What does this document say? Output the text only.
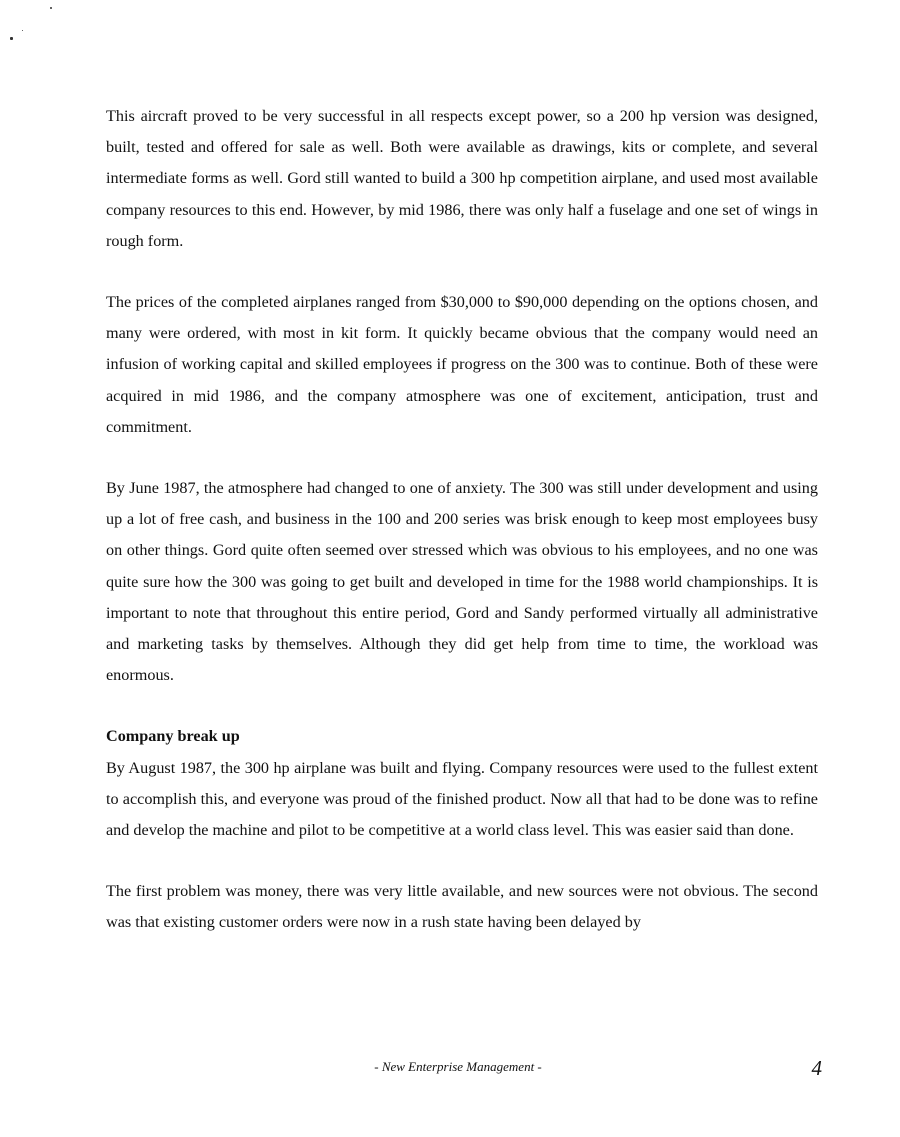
This aircraft proved to be very successful in all respects except power, so a 200 hp version was designed, built, tested and offered for sale as well. Both were available as drawings, kits or complete, and several intermediate forms as well. Gord still wanted to build a 300 hp competition airplane, and used most available company resources to this end. However, by mid 1986, there was only half a fuselage and one set of wings in rough form.

The prices of the completed airplanes ranged from $30,000 to $90,000 depending on the options chosen, and many were ordered, with most in kit form. It quickly became obvious that the company would need an infusion of working capital and skilled employees if progress on the 300 was to continue. Both of these were acquired in mid 1986, and the company atmosphere was one of excitement, anticipation, trust and commitment.

By June 1987, the atmosphere had changed to one of anxiety. The 300 was still under development and using up a lot of free cash, and business in the 100 and 200 series was brisk enough to keep most employees busy on other things. Gord quite often seemed over stressed which was obvious to his employees, and no one was quite sure how the 300 was going to get built and developed in time for the 1988 world championships. It is important to note that throughout this entire period, Gord and Sandy performed virtually all administrative and marketing tasks by themselves. Although they did get help from time to time, the workload was enormous.

Company break up

By August 1987, the 300 hp airplane was built and flying. Company resources were used to the fullest extent to accomplish this, and everyone was proud of the finished product. Now all that had to be done was to refine and develop the machine and pilot to be competitive at a world class level. This was easier said than done.

The first problem was money, there was very little available, and new sources were not obvious. The second was that existing customer orders were now in a rush state having been delayed by

- New Enterprise Management -	4
